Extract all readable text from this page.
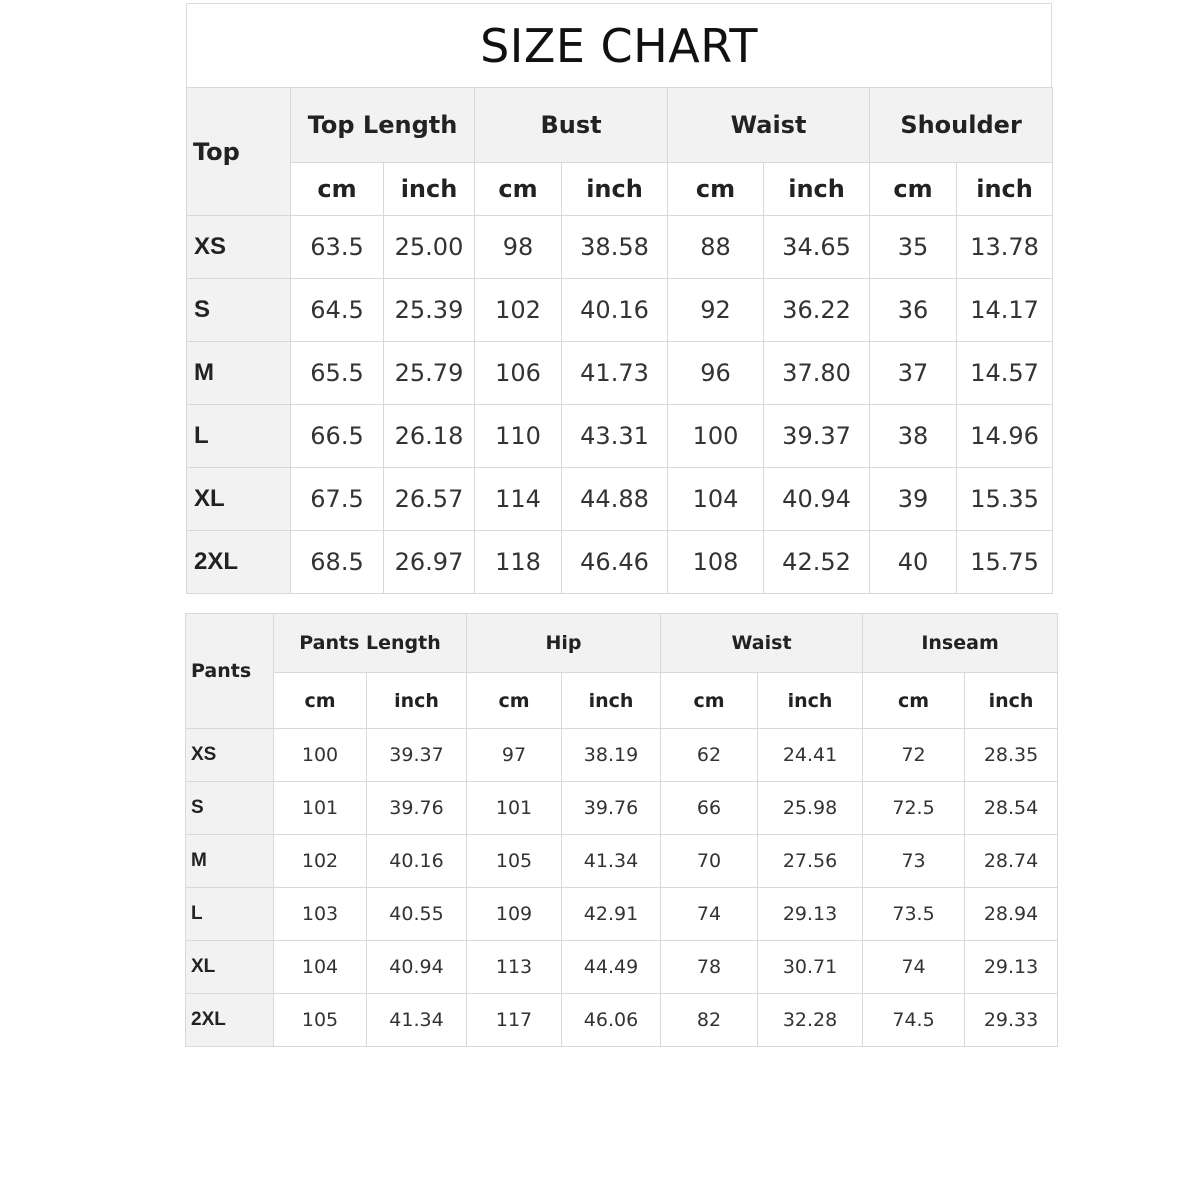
SIZE CHART
Top	Top Length		Bust		Waist		Shoulder	
	cm	inch	cm	inch	cm	inch	cm	inch
XS	63.5	25.00	98	38.58	88	34.65	35	13.78
S	64.5	25.39	102	40.16	92	36.22	36	14.17
M	65.5	25.79	106	41.73	96	37.80	37	14.57
L	66.5	26.18	110	43.31	100	39.37	38	14.96
XL	67.5	26.57	114	44.88	104	40.94	39	15.35
2XL	68.5	26.97	118	46.46	108	42.52	40	15.75
Pants	Pants Length		Hip		Waist		Inseam	
	cm	inch	cm	inch	cm	inch	cm	inch
XS	100	39.37	97	38.19	62	24.41	72	28.35
S	101	39.76	101	39.76	66	25.98	72.5	28.54
M	102	40.16	105	41.34	70	27.56	73	28.74
L	103	40.55	109	42.91	74	29.13	73.5	28.94
XL	104	40.94	113	44.49	78	30.71	74	29.13
2XL	105	41.34	117	46.06	82	32.28	74.5	29.33
